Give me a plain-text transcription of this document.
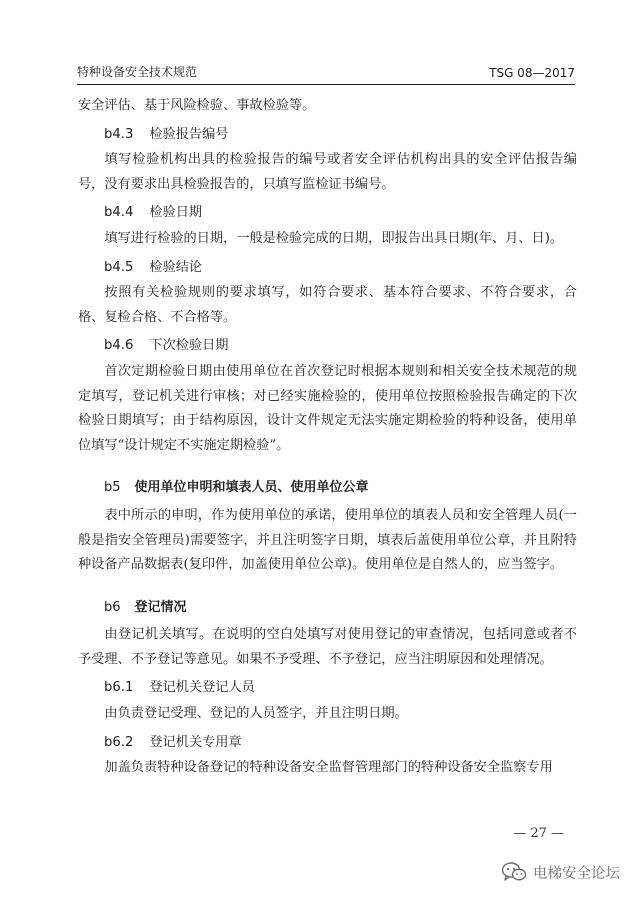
特种设备安全技术规范	TSG 08—2017

安全评估、基于风险检验、事故检验等。

b4.3 检验报告编号

填写检验机构出具的检验报告的编号或者安全评估机构出具的安全评估报告编号，没有要求出具检验报告的，只填写监检证书编号。

b4.4 检验日期

填写进行检验的日期，一般是检验完成的日期，即报告出具日期(年、月、日)。

b4.5 检验结论

按照有关检验规则的要求填写，如符合要求、基本符合要求、不符合要求，合格、复检合格、不合格等。

b4.6 下次检验日期

首次定期检验日期由使用单位在首次登记时根据本规则和相关安全技术规范的规定填写，登记机关进行审核；对已经实施检验的，使用单位按照检验报告确定的下次检验日期填写；由于结构原因，设计文件规定无法实施定期检验的特种设备，使用单位填写“设计规定不实施定期检验”。

b5 使用单位申明和填表人员、使用单位公章

表中所示的申明，作为使用单位的承诺，使用单位的填表人员和安全管理人员(一般是指安全管理员)需要签字，并且注明签字日期，填表后盖使用单位公章，并且附特种设备产品数据表(复印件，加盖使用单位公章)。使用单位是自然人的，应当签字。

b6 登记情况

由登记机关填写。在说明的空白处填写对使用登记的审查情况，包括同意或者不予受理、不予登记等意见。如果不予受理、不予登记，应当注明原因和处理情况。

b6.1 登记机关登记人员

由负责登记受理、登记的人员签字，并且注明日期。

b6.2 登记机关专用章

加盖负责特种设备登记的特种设备安全监督管理部门的特种设备安全监察专用

— 27 —
电梯安全论坛
